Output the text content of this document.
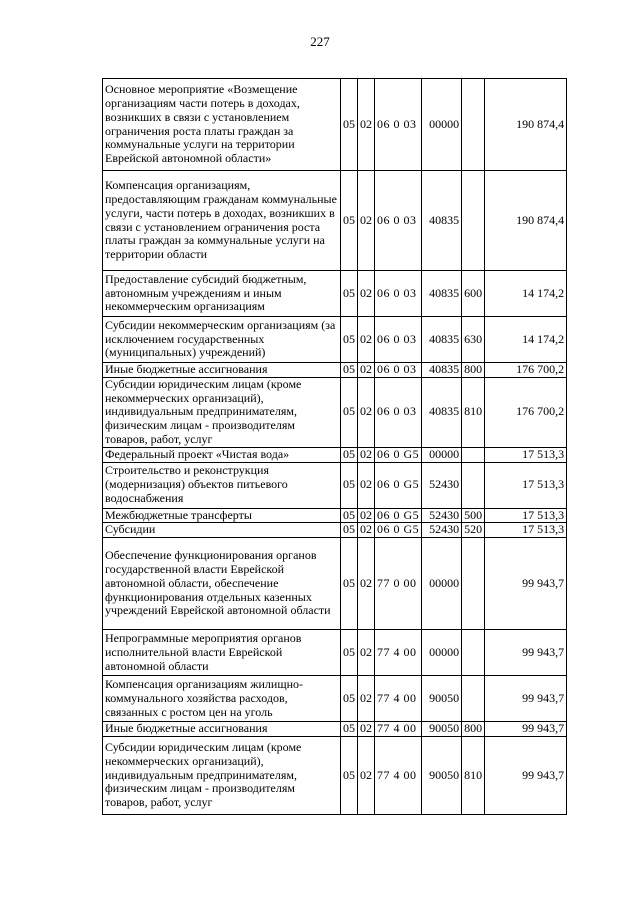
227
Основное мероприятие «Возмещение организациям части потерь в доходах, возникших в связи с установлением ограничения роста платы граждан за коммунальные услуги на территории Еврейской автономной области»	05	02	06 0 03	00000		190 874,4
Компенсация организациям, предоставляющим гражданам коммунальные услуги, части потерь в доходах, возникших в связи с установлением ограничения роста платы граждан за коммунальные услуги на территории области	05	02	06 0 03	40835		190 874,4
Предоставление субсидий бюджетным, автономным учреждениям и иным некоммерческим организациям	05	02	06 0 03	40835	600	14 174,2
Субсидии некоммерческим организациям (за исключением государственных (муниципальных) учреждений)	05	02	06 0 03	40835	630	14 174,2
Иные бюджетные ассигнования	05	02	06 0 03	40835	800	176 700,2
Субсидии юридическим лицам (кроме некоммерческих организаций), индивидуальным предпринимателям, физическим лицам - производителям товаров, работ, услуг	05	02	06 0 03	40835	810	176 700,2
Федеральный проект «Чистая вода»	05	02	06 0 G5	00000		17 513,3
Строительство и реконструкция (модернизация) объектов питьевого водоснабжения	05	02	06 0 G5	52430		17 513,3
Межбюджетные трансферты	05	02	06 0 G5	52430	500	17 513,3
Субсидии	05	02	06 0 G5	52430	520	17 513,3
Обеспечение функционирования органов государственной власти Еврейской автономной области, обеспечение функционирования отдельных казенных учреждений Еврейской автономной области	05	02	77 0 00	00000		99 943,7
Непрограммные мероприятия органов исполнительной власти Еврейской автономной области	05	02	77 4 00	00000		99 943,7
Компенсация организациям жилищно-коммунального хозяйства расходов, связанных с ростом цен на уголь	05	02	77 4 00	90050		99 943,7
Иные бюджетные ассигнования	05	02	77 4 00	90050	800	99 943,7
Субсидии юридическим лицам (кроме некоммерческих организаций), индивидуальным предпринимателям, физическим лицам - производителям товаров, работ, услуг	05	02	77 4 00	90050	810	99 943,7
